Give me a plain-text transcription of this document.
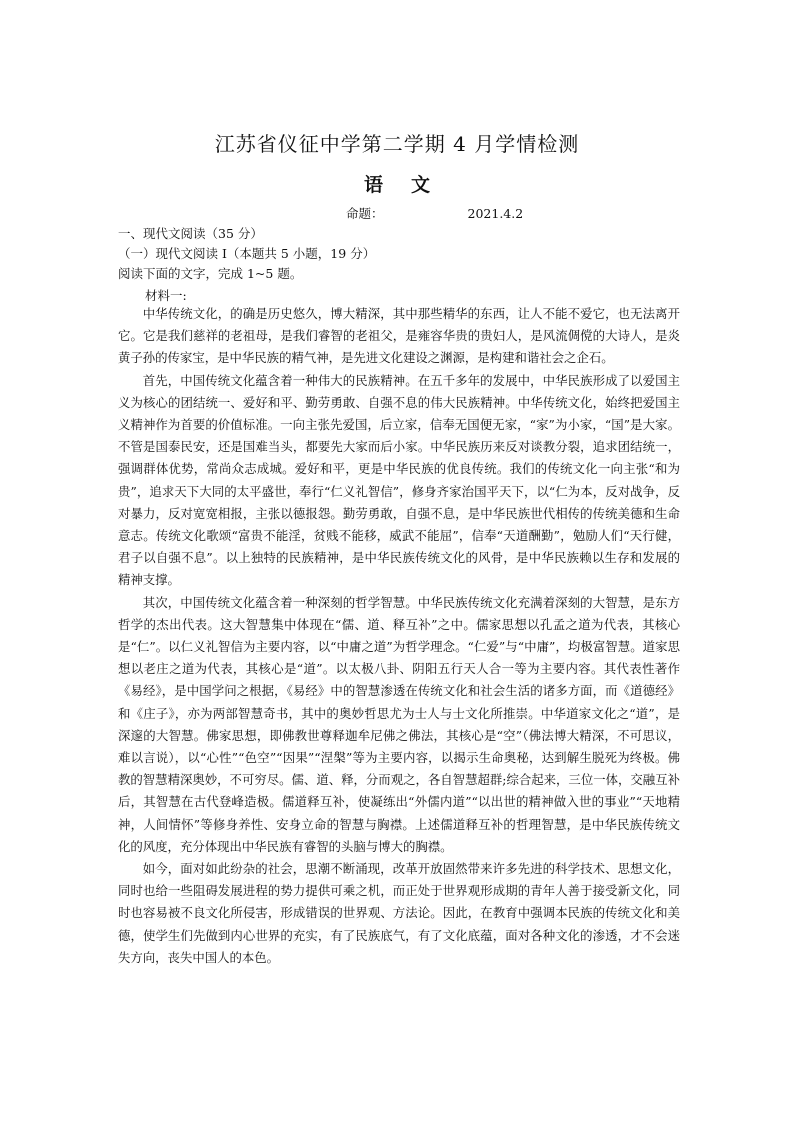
江苏省仪征中学第二学期 4 月学情检测
语 文
命题：	2021.4.2
一、现代文阅读（35 分）
（一）现代文阅读 I（本题共 5 小题，19 分）
阅读下面的文字，完成 1~5 题。
材料一:

中华传统文化，的确是历史悠久，博大精深，其中那些精华的东西，让人不能不爱它，也无法离开它。它是我们慈祥的老祖母，是我们睿智的老祖父，是雍容华贵的贵妇人，是风流倜傥的大诗人，是炎黄子孙的传家宝，是中华民族的精气神，是先进文化建设之渊源，是构建和谐社会之企石。

首先，中国传统文化蕴含着一种伟大的民族精神。在五千多年的发展中，中华民族形成了以爱国主义为核心的团结统一、爱好和平、勤劳勇敢、自强不息的伟大民族精神。中华传统文化，始终把爱国主义精神作为首要的价值标准。一向主张先爱国，后立家，信奉无国便无家，“家”为小家，“国”是大家。不管是国泰民安，还是国难当头，都要先大家而后小家。中华民族历来反对谈教分裂，追求团结统一，强调群体优势，常尚众志成城。爱好和平，更是中华民族的优良传统。我们的传统文化一向主张“和为贵”，追求天下大同的太平盛世，奉行“仁义礼智信”，修身齐家治国平天下，以“仁为本，反对战争，反对暴力，反对宽宽相报，主张以德报怨。勤劳勇敢，自强不息，是中华民族世代相传的传统美德和生命意志。传统文化歌颂“富贵不能淫，贫贱不能移，威武不能屈”，信奉“天道酬勤”，勉励人们“天行健，君子以自强不息”。以上独特的民族精神，是中华民族传统文化的风骨，是中华民族赖以生存和发展的精神支撑。

其次，中国传统文化蕴含着一种深刻的哲学智慧。中华民族传统文化充满着深刻的大智慧，是东方哲学的杰出代表。这大智慧集中体现在“儒、道、释互补”之中。儒家思想以孔孟之道为代表，其核心是“仁”。以仁义礼智信为主要内容，以“中庸之道”为哲学理念。“仁爱”与“中庸”，均极富智慧。道家思想以老庄之道为代表，其核心是“道”。以太极八卦、阴阳五行天人合一等为主要内容。其代表性著作《易经》，是中国学问之根据，《易经》中的智慧渗透在传统文化和社会生活的诸多方面，而《道德经》和《庄子》，亦为两部智慧奇书，其中的奥妙哲思尤为士人与士文化所推崇。中华道家文化之“道”，是深邃的大智慧。佛家思想，即佛教世尊释迦牟尼佛之佛法，其核心是“空”（佛法博大精深，不可思议，难以言说），以“心性”“色空”“因果”“涅槃”等为主要内容，以揭示生命奥秘，达到解生脱死为终极。佛教的智慧精深奥妙，不可穷尽。儒、道、释，分而观之，各自智慧超群;综合起来，三位一体，交融互补后，其智慧在古代登峰造极。儒道释互补，使凝练出“外儒内道”“以出世的精神做入世的事业”“天地精神，人间情怀”等修身养性、安身立命的智慧与胸襟。上述儒道释互补的哲理智慧，是中华民族传统文化的风度，充分体现出中华民族有睿智的头脑与博大的胸襟。

如今，面对如此纷杂的社会，思潮不断涌现，改革开放固然带来许多先进的科学技术、思想文化，同时也给一些阻碍发展进程的势力提供可乘之机，而正处于世界观形成期的青年人善于接受新文化，同时也容易被不良文化所侵害，形成错误的世界观、方法论。因此，在教育中强调本民族的传统文化和美德，使学生们先做到内心世界的充实，有了民族底气，有了文化底蕴，面对各种文化的渗透，才不会迷失方向，丧失中国人的本色。
